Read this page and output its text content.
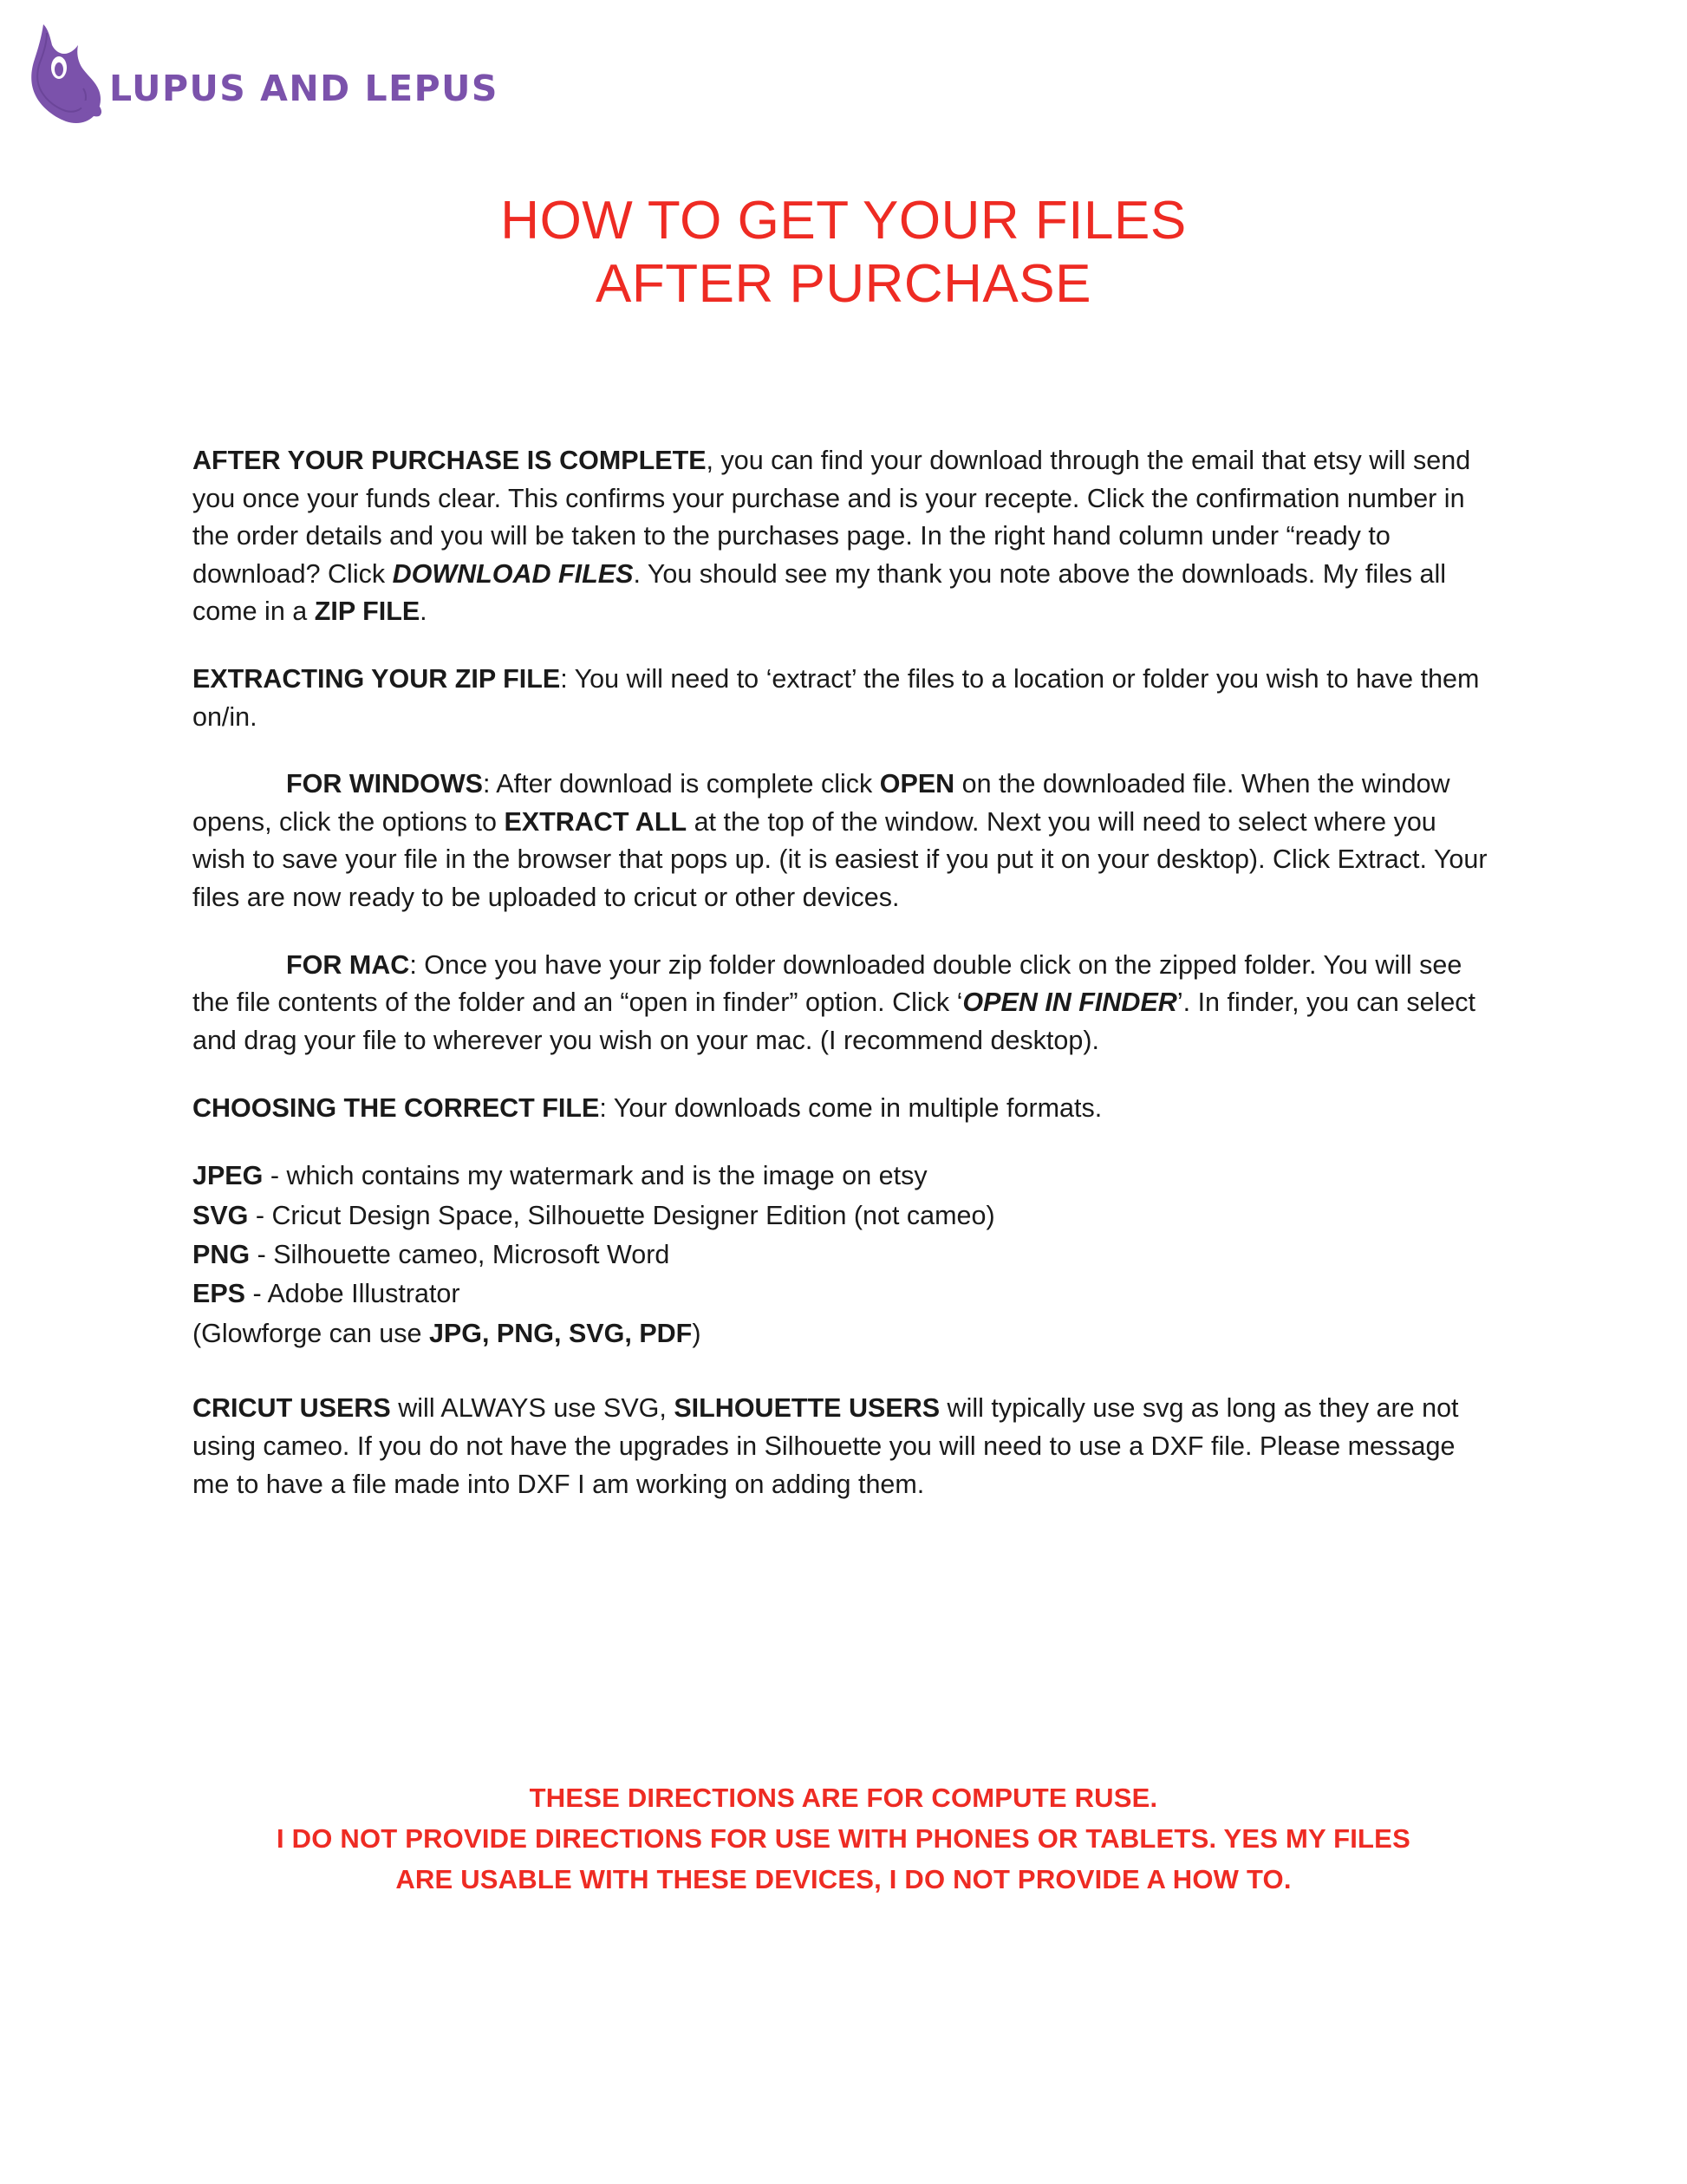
LUPUS AND LEPUS
HOW TO GET YOUR FILES
AFTER PURCHASE

AFTER YOUR PURCHASE IS COMPLETE, you can find your download through the email that etsy will send you once your funds clear. This confirms your purchase and is your recepte. Click the confirmation number in the order details and you will be taken to the purchases page. In the right hand column under “ready to download? Click DOWNLOAD FILES. You should see my thank you note above the downloads. My files all come in a ZIP FILE.

EXTRACTING YOUR ZIP FILE: You will need to ‘extract’ the files to a location or folder you wish to have them on/in.

FOR WINDOWS: After download is complete click OPEN on the downloaded file. When the window opens, click the options to EXTRACT ALL at the top of the window. Next you will need to select where you wish to save your file in the browser that pops up. (it is easiest if you put it on your desktop). Click Extract. Your files are now ready to be uploaded to cricut or other devices.

FOR MAC: Once you have your zip folder downloaded double click on the zipped folder. You will see the file contents of the folder and an “open in finder” option. Click ‘OPEN IN FINDER’. In finder, you can select and drag your file to wherever you wish on your mac. (I recommend desktop).

CHOOSING THE CORRECT FILE: Your downloads come in multiple formats.

JPEG - which contains my watermark and is the image on etsy

SVG - Cricut Design Space, Silhouette Designer Edition (not cameo)

PNG - Silhouette cameo, Microsoft Word

EPS - Adobe Illustrator

(Glowforge can use JPG, PNG, SVG, PDF)

CRICUT USERS will ALWAYS use SVG, SILHOUETTE USERS will typically use svg as long as they are not using cameo. If you do not have the upgrades in Silhouette you will need to use a DXF file. Please message me to have a file made into DXF I am working on adding them.

THESE DIRECTIONS ARE FOR COMPUTE RUSE.
I DO NOT PROVIDE DIRECTIONS FOR USE WITH PHONES OR TABLETS. YES MY FILES
ARE USABLE WITH THESE DEVICES, I DO NOT PROVIDE A HOW TO.
